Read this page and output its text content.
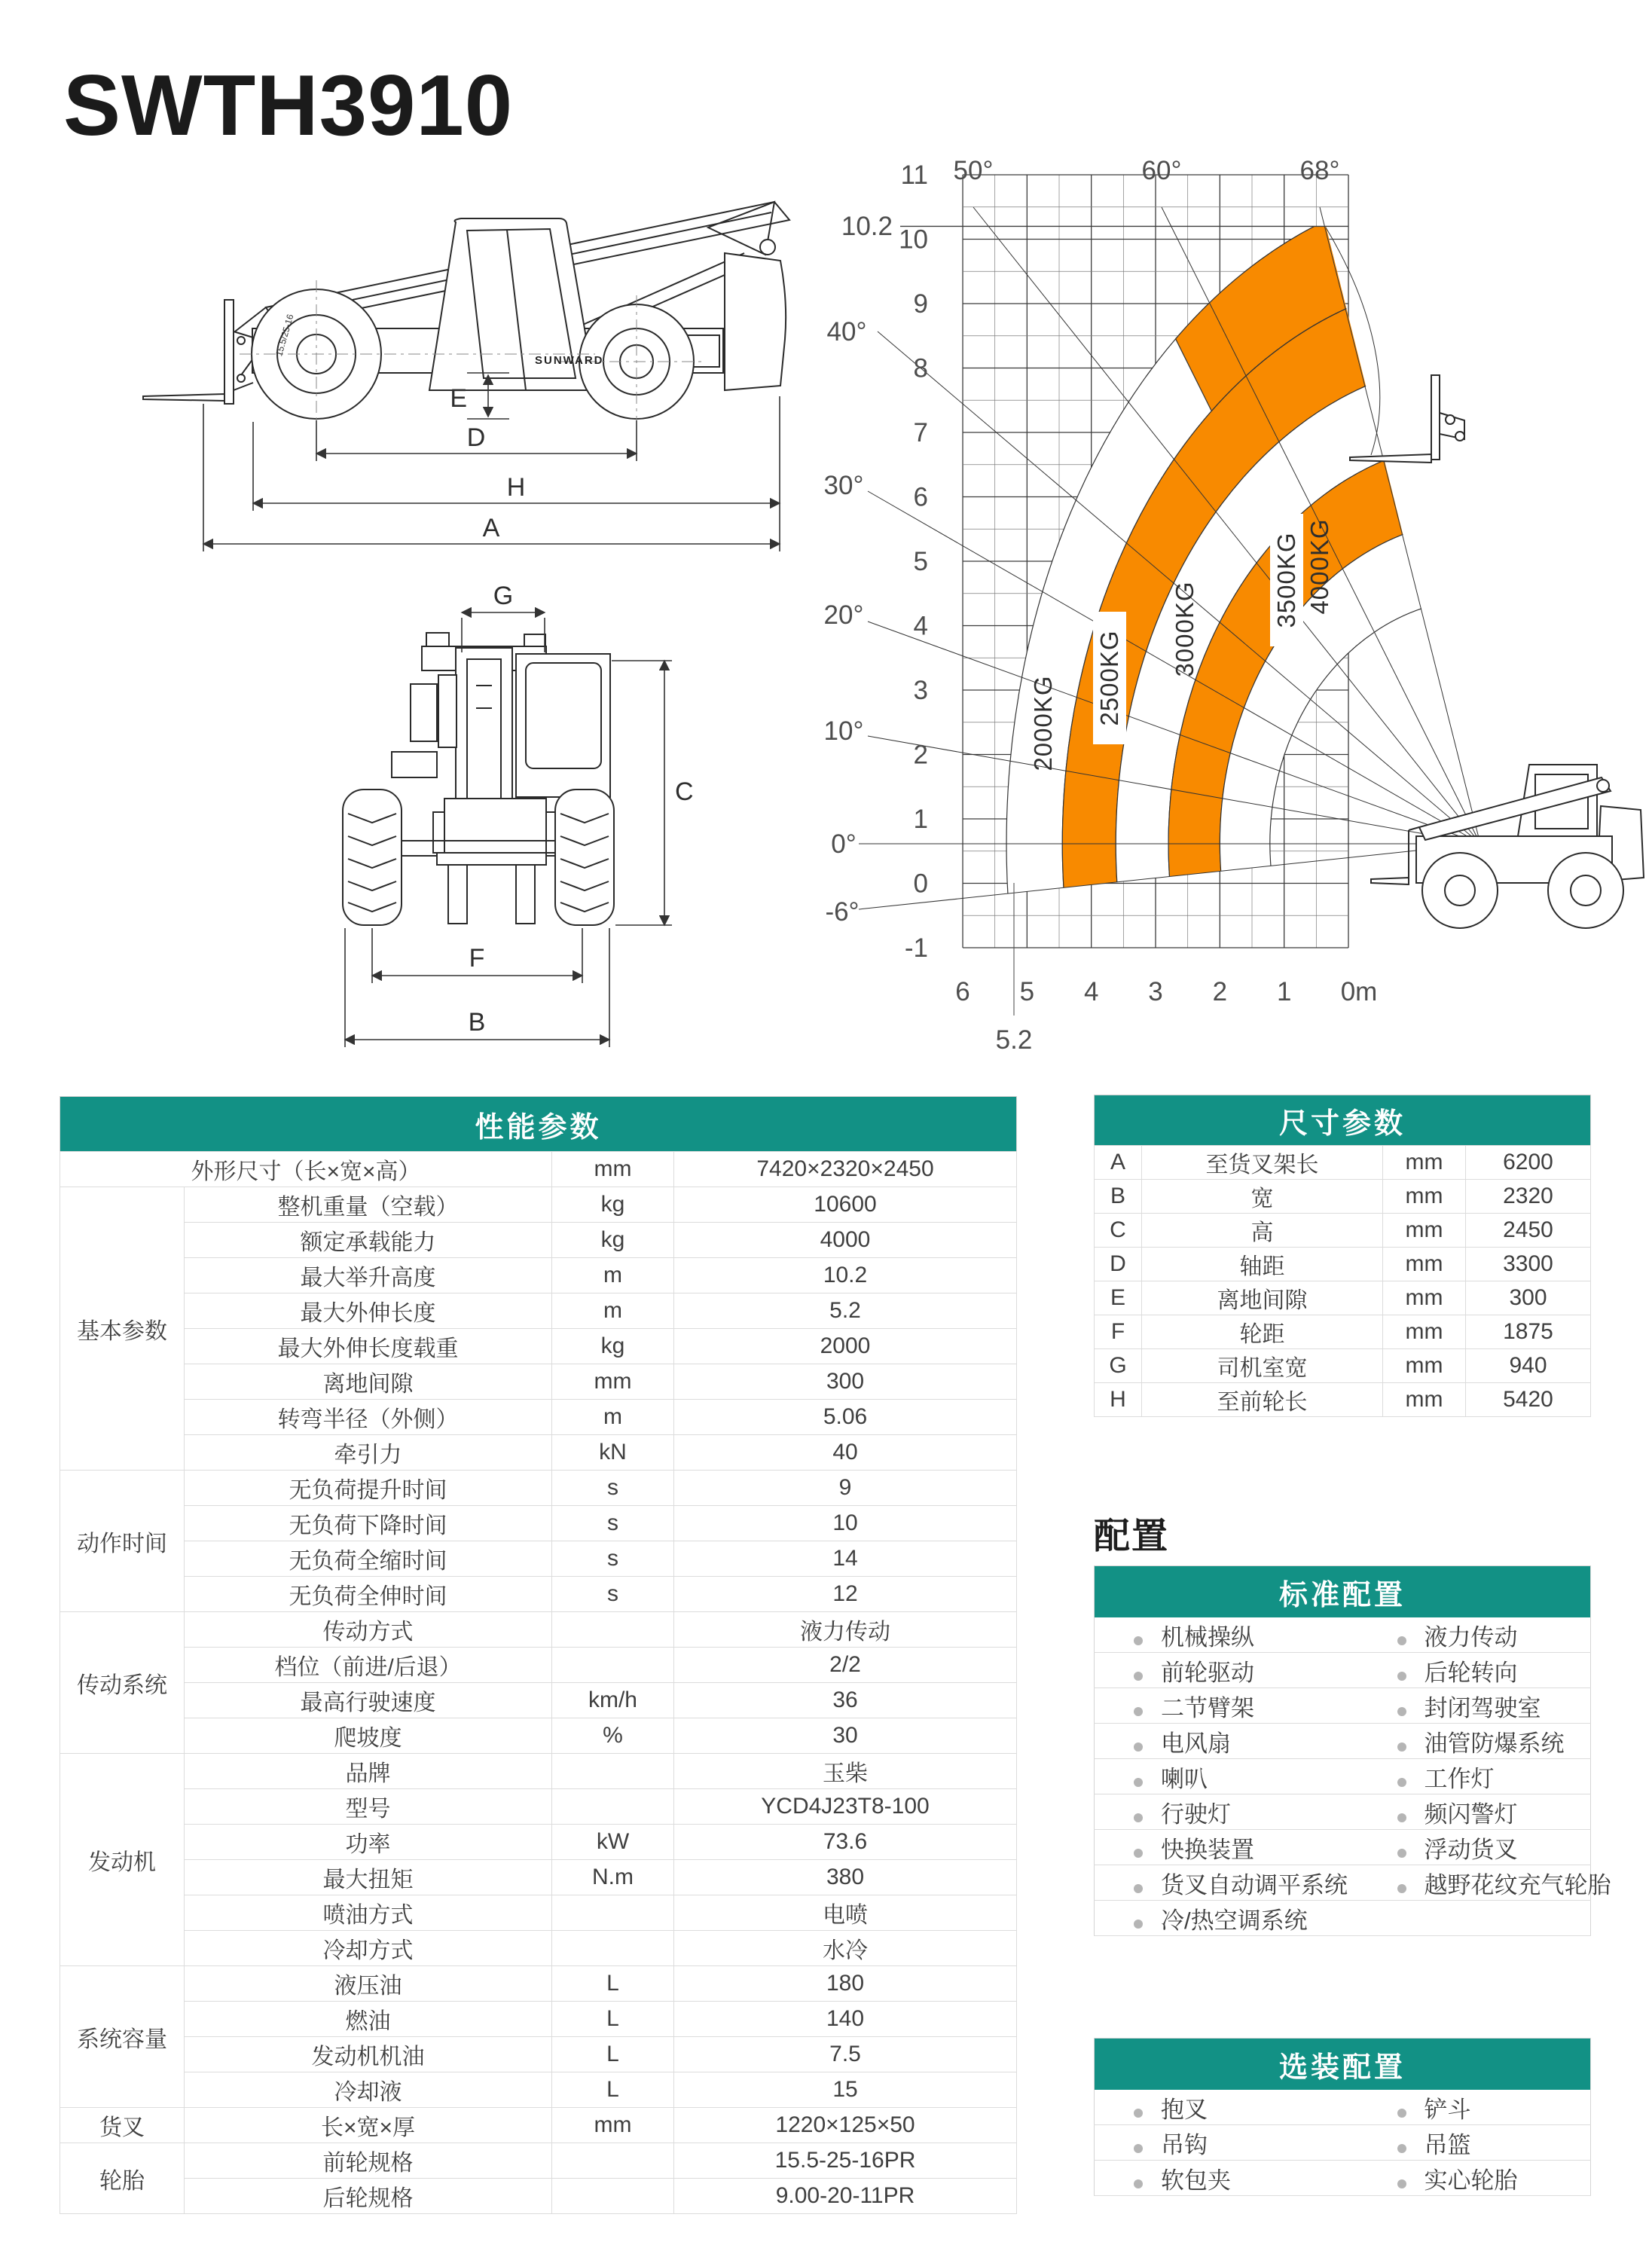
SWTH3910
15.5/25-16
SUNWARD
E
D
H
A
G
C
F
B
11
10
9
8
7
6
5
4
3
2
1
0
-1
10.2
6 5 4 3 2 1 0m
5.2
50°	60°	68°
40°
30°
20°
10°
0°
-6°
2000KG 2500KG
3000KG
3500KG 4000KG
性能参数			
外形尺寸（长×宽×高）		mm	7420×2320×2450
基本参数	整机重量（空载）	kg	10600
	额定承载能力	kg	4000
	最大举升高度	m	10.2
	最大外伸长度	m	5.2
	最大外伸长度载重	kg	2000
	离地间隙	mm	300
	转弯半径（外侧）	m	5.06
	牵引力	kN	40
动作时间	无负荷提升时间	s	9
	无负荷下降时间	s	10
	无负荷全缩时间	s	14
	无负荷全伸时间	s	12
传动系统	传动方式		液力传动
	档位（前进/后退）		2/2
	最高行驶速度	km/h	36
	爬坡度	%	30
发动机	品牌		玉柴
	型号		YCD4J23T8-100
	功率	kW	73.6
	最大扭矩	N.m	380
	喷油方式		电喷
	冷却方式		水冷
系统容量	液压油	L	180
	燃油	L	140
	发动机机油	L	7.5
	冷却液	L	15
货叉	长×宽×厚	mm	1220×125×50
轮胎	前轮规格		15.5-25-16PR
	后轮规格		9.00-20-11PR
尺寸参数			
A	至货叉架长	mm	6200
B	宽	mm	2320
C	高	mm	2450
D	轴距	mm	3300
E	离地间隙	mm	300
F	轮距	mm	1875
G	司机室宽	mm	940
H	至前轮长	mm	5420
配置
标准配置	
机械操纵	液力传动
前轮驱动	后轮转向
二节臂架	封闭驾驶室
电风扇	油管防爆系统
喇叭	工作灯
行驶灯	频闪警灯
快换装置	浮动货叉
货叉自动调平系统	越野花纹充气轮胎
冷/热空调系统	
选装配置	
抱叉	铲斗
吊钩	吊篮
软包夹	实心轮胎
